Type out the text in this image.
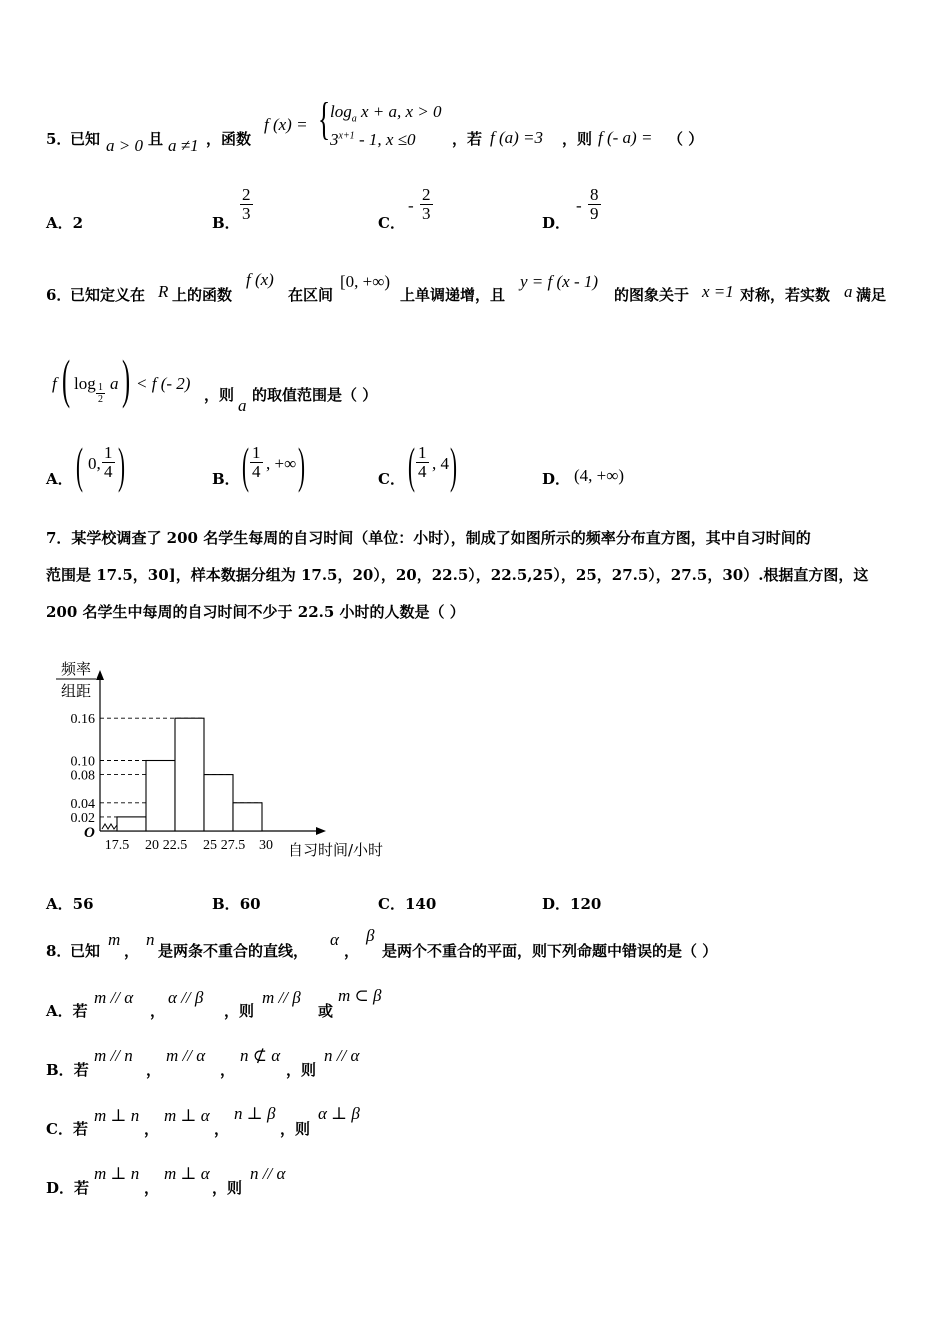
5．
已知 a > 0 且 a ≠1 ，函数
f (x) = { $\log_a x + a$, x > 0
$3^{x+1} - 1$, x ≤0 ，若 f (a) =3 ，则 f (- a) = （ ）
A．2	B． $\frac{2}{3}$	C．
- $\frac{2}{3}$	D．
- $\frac{8}{9}$
6．
已知定义在 R 上的函数
f (x)
在区间
[0, +∞)
上单调递增，且
y = f (x - 1)
的图象关于 x =1 对称，若实数 a 满足
f ( $\log \frac{1}{2}$ a ) < f (- 2)
，则
a
的取值范围是（ ）
A． ( 0, $\frac{1}{4}$ )	B． ( $\frac{1}{4}$ , +∞ )	C． ( $\frac{1}{4}$ , 4 )	D． (4, +∞)
7．某学校调查了 200 名学生每周的自习时间（单位：小时），制成了如图所示的频率分布直方图，其中自习时间的
范围是 17.5，30]，样本数据分组为 17.5，20），20，22.5），22.5,25），25，27.5），27.5，30）.根据直方图，这
200 名学生中每周的自习时间不少于 22.5 小时的人数是（ ）
0.02
0.04
0.08
0.10
0.16
17.5 20 22.5 25 27.5 30
O
频率
组距
自习时间/小时
A．56	B．60	C．140	D．120
8．
已知
m
，
n
是两条不重合的直线，
α
，
β
是两个不重合的平面，则下列命题中错误的是（ ）
A．若
m // α
，
α // β
，则
m // β
或
m ⊂ β
B．若
m // n
，
m // α
，
n ⊄ α
，则
n // α
C．若
m ⊥ n
，
m ⊥ α
，
n ⊥ β
，则
α ⊥ β
D．若
m ⊥ n
，
m ⊥ α
，则
n // α
